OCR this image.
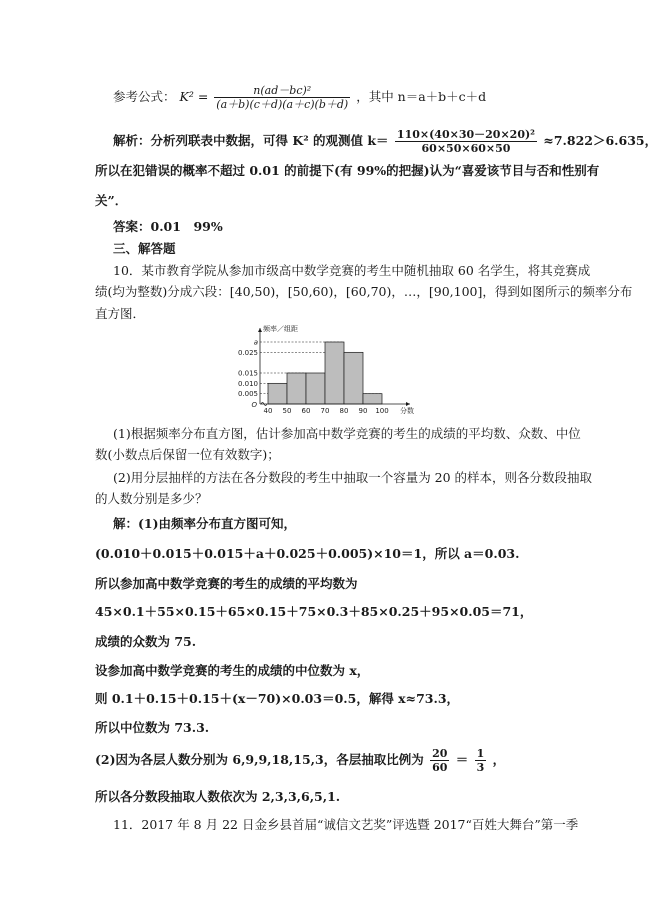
参考公式： $K^2 = \frac{\text{n(ad－bc)²}}{(a+b)(c+d)(a+c)(b+d)}$ ，其中 n＝a＋b＋c＋d
解析：分析列联表中数据，可得 K² 的观测值 $k= \frac{\text{110×(40×30－20×20)²}}{60\times 50\times 60\times 50} \approx 7.822>6.635$，
所以在犯错误的概率不超过 0.01 的前提下(有 99%的把握)认为“喜爱该节目与否和性别有
关”．
答案：0.01　99%
三、解答题
10．某市教育学院从参加市级高中数学竞赛的考生中随机抽取 60 名学生，将其竞赛成
绩(均为整数)分成六段：[40,50)，[50,60)，[60,70)，…，[90,100]，得到如图所示的频率分布
直方图．
0.005
0.010
0.015
0.025
a
40 50 60 70 80 90 100
O
频率／组距
分数
(1)根据频率分布直方图，估计参加高中数学竞赛的考生的成绩的平均数、众数、中位
数(小数点后保留一位有效数字)；
(2)用分层抽样的方法在各分数段的考生中抽取一个容量为 20 的样本，则各分数段抽取
的人数分别是多少？
解：(1)由频率分布直方图可知，
(0.010＋0.015＋0.015＋a＋0.025＋0.005)×10＝1，所以 a＝0.03.
所以参加高中数学竞赛的考生的成绩的平均数为
45×0.1＋55×0.15＋65×0.15＋75×0.3＋85×0.25＋95×0.05＝71，
成绩的众数为 75.
设参加高中数学竞赛的考生的成绩的中位数为 x，
则 0.1＋0.15＋0.15＋(x－70)×0.03＝0.5，解得 x≈73.3，
所以中位数为 73.3.
(2)因为各层人数分别为 6,9,9,18,15,3，各层抽取比例为 $\frac{20}{60} = \frac{1}{3}$ ，
所以各分数段抽取人数依次为 2,3,3,6,5,1.
11．2017 年 8 月 22 日金乡县首届“诚信文艺奖”评选暨 2017“百姓大舞台”第一季
